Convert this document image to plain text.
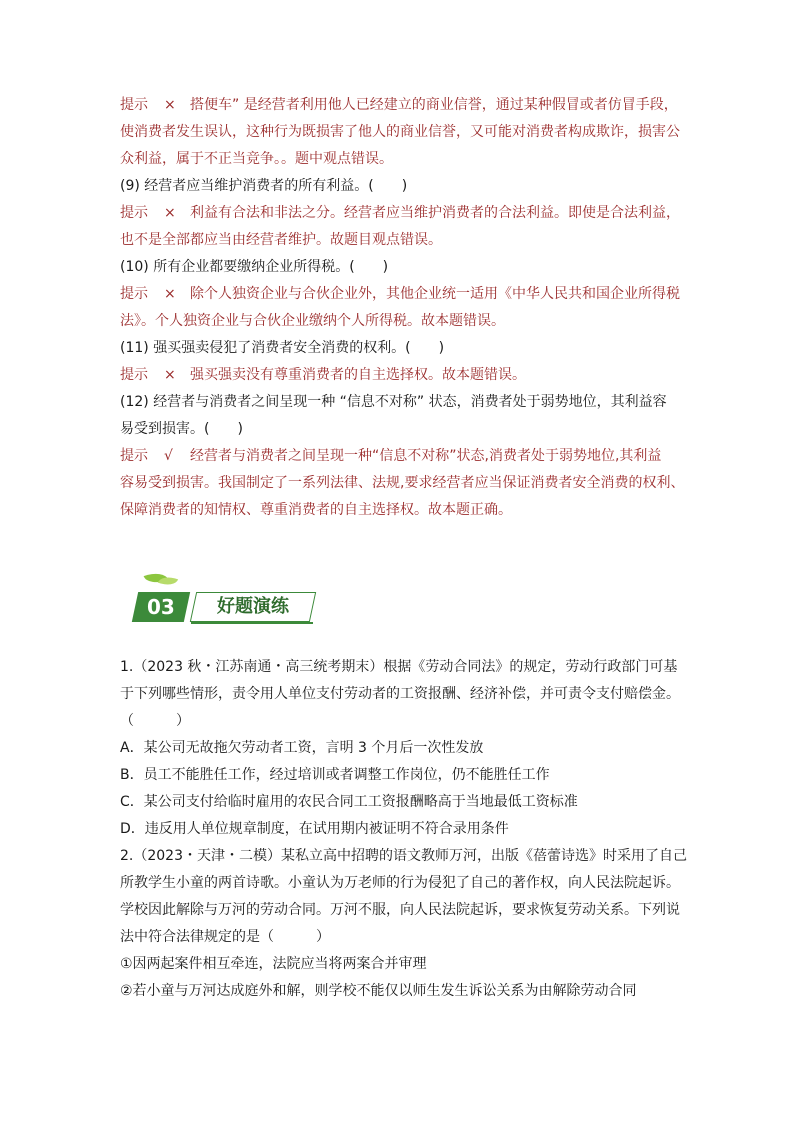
提示 × 搭便车” 是经营者利用他人已经建立的商业信誉，通过某种假冒或者仿冒手段，
使消费者发生误认，这种行为既损害了他人的商业信誉，又可能对消费者构成欺诈，损害公
众利益，属于不正当竞争。。题中观点错误。
(9) 经营者应当维护消费者的所有利益。(　　)
提示 × 利益有合法和非法之分。经营者应当维护消费者的合法利益。即使是合法利益，
也不是全部都应当由经营者维护。故题目观点错误。
(10) 所有企业都要缴纳企业所得税。(　　)
提示 × 除个人独资企业与合伙企业外，其他企业统一适用《中华人民共和国企业所得税
法》。个人独资企业与合伙企业缴纳个人所得税。故本题错误。
(11) 强买强卖侵犯了消费者安全消费的权利。(　　)
提示 × 强买强卖没有尊重消费者的自主选择权。故本题错误。
(12) 经营者与消费者之间呈现一种 “信息不对称” 状态，消费者处于弱势地位，其利益容
易受到损害。(　　)
提示 √ 经营者与消费者之间呈现一种“信息不对称”状态,消费者处于弱势地位,其利益
容易受到损害。我国制定了一系列法律、法规,要求经营者应当保证消费者安全消费的权利、
保障消费者的知情权、尊重消费者的自主选择权。故本题正确。
03	好题演练
1.（2023 秋・江苏南通・高三统考期末）根据《劳动合同法》的规定，劳动行政部门可基
于下列哪些情形，责令用人单位支付劳动者的工资报酬、经济补偿，并可责令支付赔偿金。
（　　　）
A．某公司无故拖欠劳动者工资，言明 3 个月后一次性发放
B．员工不能胜任工作，经过培训或者调整工作岗位，仍不能胜任工作
C．某公司支付给临时雇用的农民合同工工资报酬略高于当地最低工资标准
D．违反用人单位规章制度，在试用期内被证明不符合录用条件
2.（2023・天津・二模）某私立高中招聘的语文教师万河，出版《蓓蕾诗选》时采用了自己
所教学生小童的两首诗歌。小童认为万老师的行为侵犯了自己的著作权，向人民法院起诉。
学校因此解除与万河的劳动合同。万河不服，向人民法院起诉，要求恢复劳动关系。下列说
法中符合法律规定的是（　　　）
①因两起案件相互牵连，法院应当将两案合并审理
②若小童与万河达成庭外和解，则学校不能仅以师生发生诉讼关系为由解除劳动合同
